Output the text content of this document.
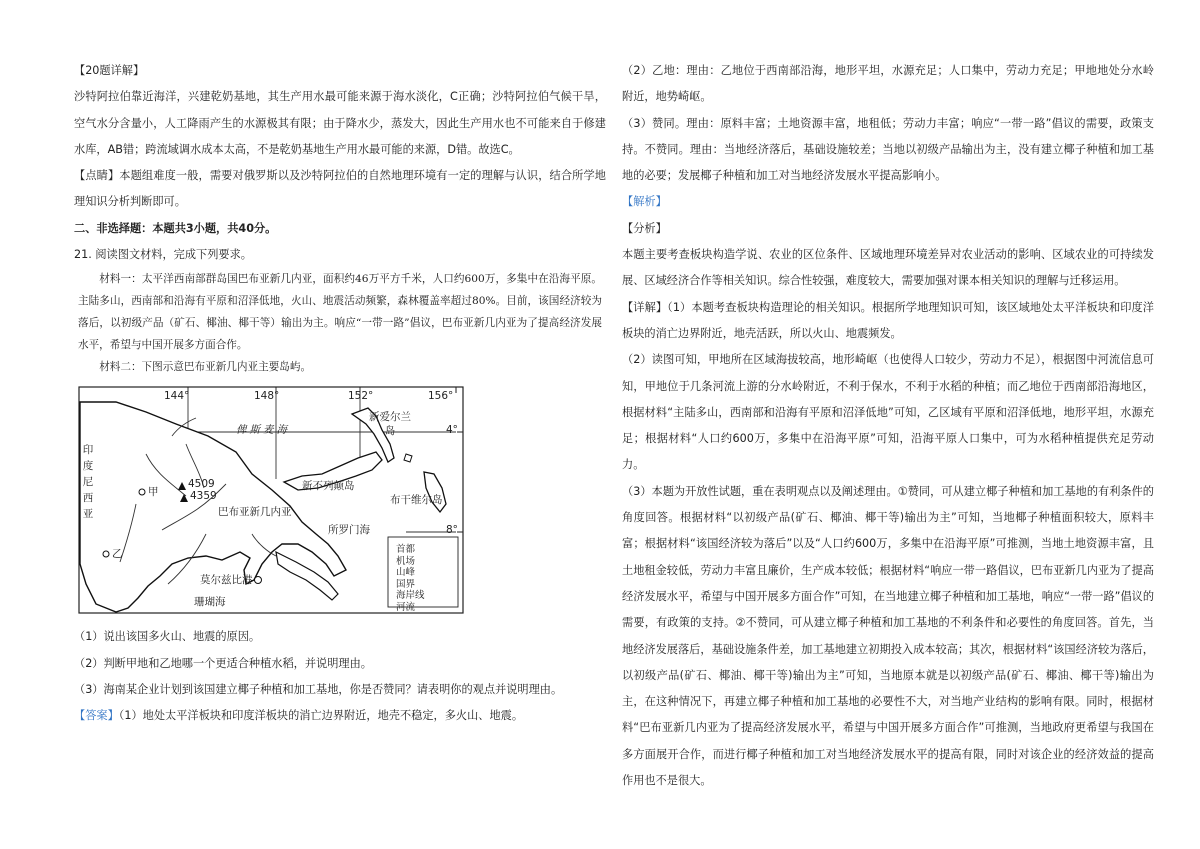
【20题详解】

沙特阿拉伯靠近海洋，兴建乾奶基地，其生产用水最可能来源于海水淡化，C正确；沙特阿拉伯气候干旱，空气水分含量小，人工降雨产生的水源极其有限；由于降水少，蒸发大，因此生产用水也不可能来自于修建水库，AB错；跨流域调水成本太高，不是乾奶基地生产用水最可能的来源，D错。故选C。

【点睛】本题组难度一般，需要对俄罗斯以及沙特阿拉伯的自然地理环境有一定的理解与认识，结合所学地理知识分析判断即可。

二、非选择题：本题共3小题，共40分。

21. 阅读图文材料，完成下列要求。

材料一：太平洋西南部群岛国巴布亚新几内亚，面积约46万平方千米，人口约600万，多集中在沿海平原。主陆多山，西南部和沿海有平原和沼泽低地，火山、地震活动频繁，森林覆盖率超过80%。目前，该国经济较为落后，以初级产品（矿石、椰油、椰干等）输出为主。响应“一带一路”倡议，巴布亚新几内亚为了提高经济发展水平，希望与中国开展多方面合作。

材料二：下图示意巴布亚新几内亚主要岛屿。

144°	148°	152°	156°
4°
8°
俾斯麦海
所罗门海
珊瑚海
印度尼西亚	巴布亚新几内亚
新爱尔兰岛
新不列颠岛
布干维尔岛
莫尔兹比港
4509
4359
甲
乙	首都
机场
山峰
国界
海岸线
河流

（1）说出该国多火山、地震的原因。

（2）判断甲地和乙地哪一个更适合种植水稻，并说明理由。

（3）海南某企业计划到该国建立椰子种植和加工基地，你是否赞同？请表明你的观点并说明理由。

【答案】（1）地处太平洋板块和印度洋板块的消亡边界附近，地壳不稳定，多火山、地震。

（2）乙地：理由：乙地位于西南部沿海，地形平坦，水源充足；人口集中，劳动力充足；甲地地处分水岭附近，地势崎岖。

（3）赞同。理由：原料丰富；土地资源丰富，地租低；劳动力丰富；响应“一带一路”倡议的需要，政策支持。不赞同。理由：当地经济落后，基础设施较差；当地以初级产品输出为主，没有建立椰子种植和加工基地的必要；发展椰子种植和加工对当地经济发展水平提高影响小。

【解析】

【分析】

本题主要考查板块构造学说、农业的区位条件、区域地理环境差异对农业活动的影响、区域农业的可持续发展、区域经济合作等相关知识。综合性较强，难度较大，需要加强对课本相关知识的理解与迁移运用。

【详解】（1）本题考查板块构造理论的相关知识。根据所学地理知识可知，该区域地处太平洋板块和印度洋板块的消亡边界附近，地壳活跃，所以火山、地震频发。

（2）读图可知，甲地所在区域海拔较高，地形崎岖（也使得人口较少，劳动力不足），根据图中河流信息可知，甲地位于几条河流上游的分水岭附近，不利于保水，不利于水稻的种植；而乙地位于西南部沿海地区，根据材料“主陆多山，西南部和沿海有平原和沼泽低地”可知，乙区域有平原和沼泽低地，地形平坦，水源充足；根据材料“人口约600万，多集中在沿海平原”可知，沿海平原人口集中，可为水稻种植提供充足劳动力。

（3）本题为开放性试题，重在表明观点以及阐述理由。①赞同，可从建立椰子种植和加工基地的有利条件的角度回答。根据材料“以初级产品(矿石、椰油、椰干等)输出为主”可知，当地椰子种植面积较大，原料丰富；根据材料“该国经济较为落后”以及“人口约600万，多集中在沿海平原”可推测，当地土地资源丰富，且土地租金较低，劳动力丰富且廉价，生产成本较低；根据材料“响应一带一路倡议，巴布亚新几内亚为了提高经济发展水平，希望与中国开展多方面合作”可知，在当地建立椰子种植和加工基地，响应“一带一路”倡议的需要，有政策的支持。②不赞同，可从建立椰子种植和加工基地的不利条件和必要性的角度回答。首先，当地经济发展落后，基础设施条件差，加工基地建立初期投入成本较高；其次，根据材料“该国经济较为落后，以初级产品(矿石、椰油、椰干等)输出为主”可知，当地原本就是以初级产品(矿石、椰油、椰干等)输出为主，在这种情况下，再建立椰子种植和加工基地的必要性不大，对当地产业结构的影响有限。同时，根据材料“巴布亚新几内亚为了提高经济发展水平，希望与中国开展多方面合作”可推测，当地政府更希望与我国在多方面展开合作，而进行椰子种植和加工对当地经济发展水平的提高有限，同时对该企业的经济效益的提高作用也不是很大。
